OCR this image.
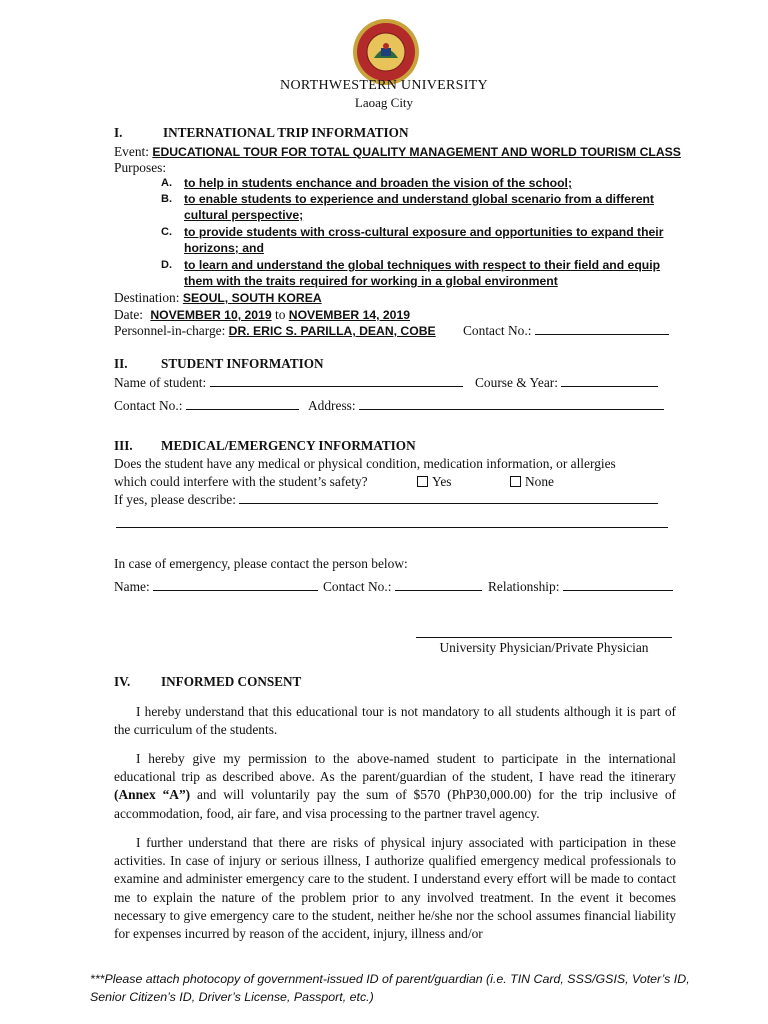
NORTHWESTERN UNIVERSITY
Laoag City
I.	INTERNATIONAL TRIP INFORMATION
Event: EDUCATIONAL TOUR FOR TOTAL QUALITY MANAGEMENT AND WORLD TOURISM CLASS
Purposes:
A. to help in students enchance and broaden the vision of the school;
B. to enable students to experience and understand global scenario from a different
cultural perspective;
C. to provide students with cross-cultural exposure and opportunities to expand their
horizons; and
D. to learn and understand the global techniques with respect to their field and equip
them with the traits required for working in a global environment
Destination: SEOUL, SOUTH KOREA
Date: NOVEMBER 10, 2019 to NOVEMBER 14, 2019
Personnel-in-charge: DR. ERIC S. PARILLA, DEAN, COBE Contact No.:
II.	STUDENT INFORMATION
Name of student:	Course & Year:
Contact No.:	Address:
III. MEDICAL/EMERGENCY INFORMATION
Does the student have any medical or physical condition, medication information, or allergies
which could interfere with the student’s safety?	Yes	None
If yes, please describe:
In case of emergency, please contact the person below:
Name:	Contact No.:	Relationship:
University Physician/Private Physician
IV. INFORMED CONSENT

I hereby understand that this educational tour is not mandatory to all students although it is part of the curriculum of the students.

I hereby give my permission to the above-named student to participate in the international educational trip as described above. As the parent/guardian of the student, I have read the itinerary (Annex “A”) and will voluntarily pay the sum of $570 (PhP30,000.00) for the trip inclusive of accommodation, food, air fare, and visa processing to the partner travel agency.

I further understand that there are risks of physical injury associated with participation in these activities. In case of injury or serious illness, I authorize qualified emergency medical professionals to examine and administer emergency care to the student. I understand every effort will be made to contact me to explain the nature of the problem prior to any involved treatment. In the event it becomes necessary to give emergency care to the student, neither he/she nor the school assumes financial liability for expenses incurred by reason of the accident, injury, illness and/or

***Please attach photocopy of government-issued ID of parent/guardian (i.e. TIN Card, SSS/GSIS, Voter’s ID, Senior Citizen’s ID, Driver’s License, Passport, etc.)
